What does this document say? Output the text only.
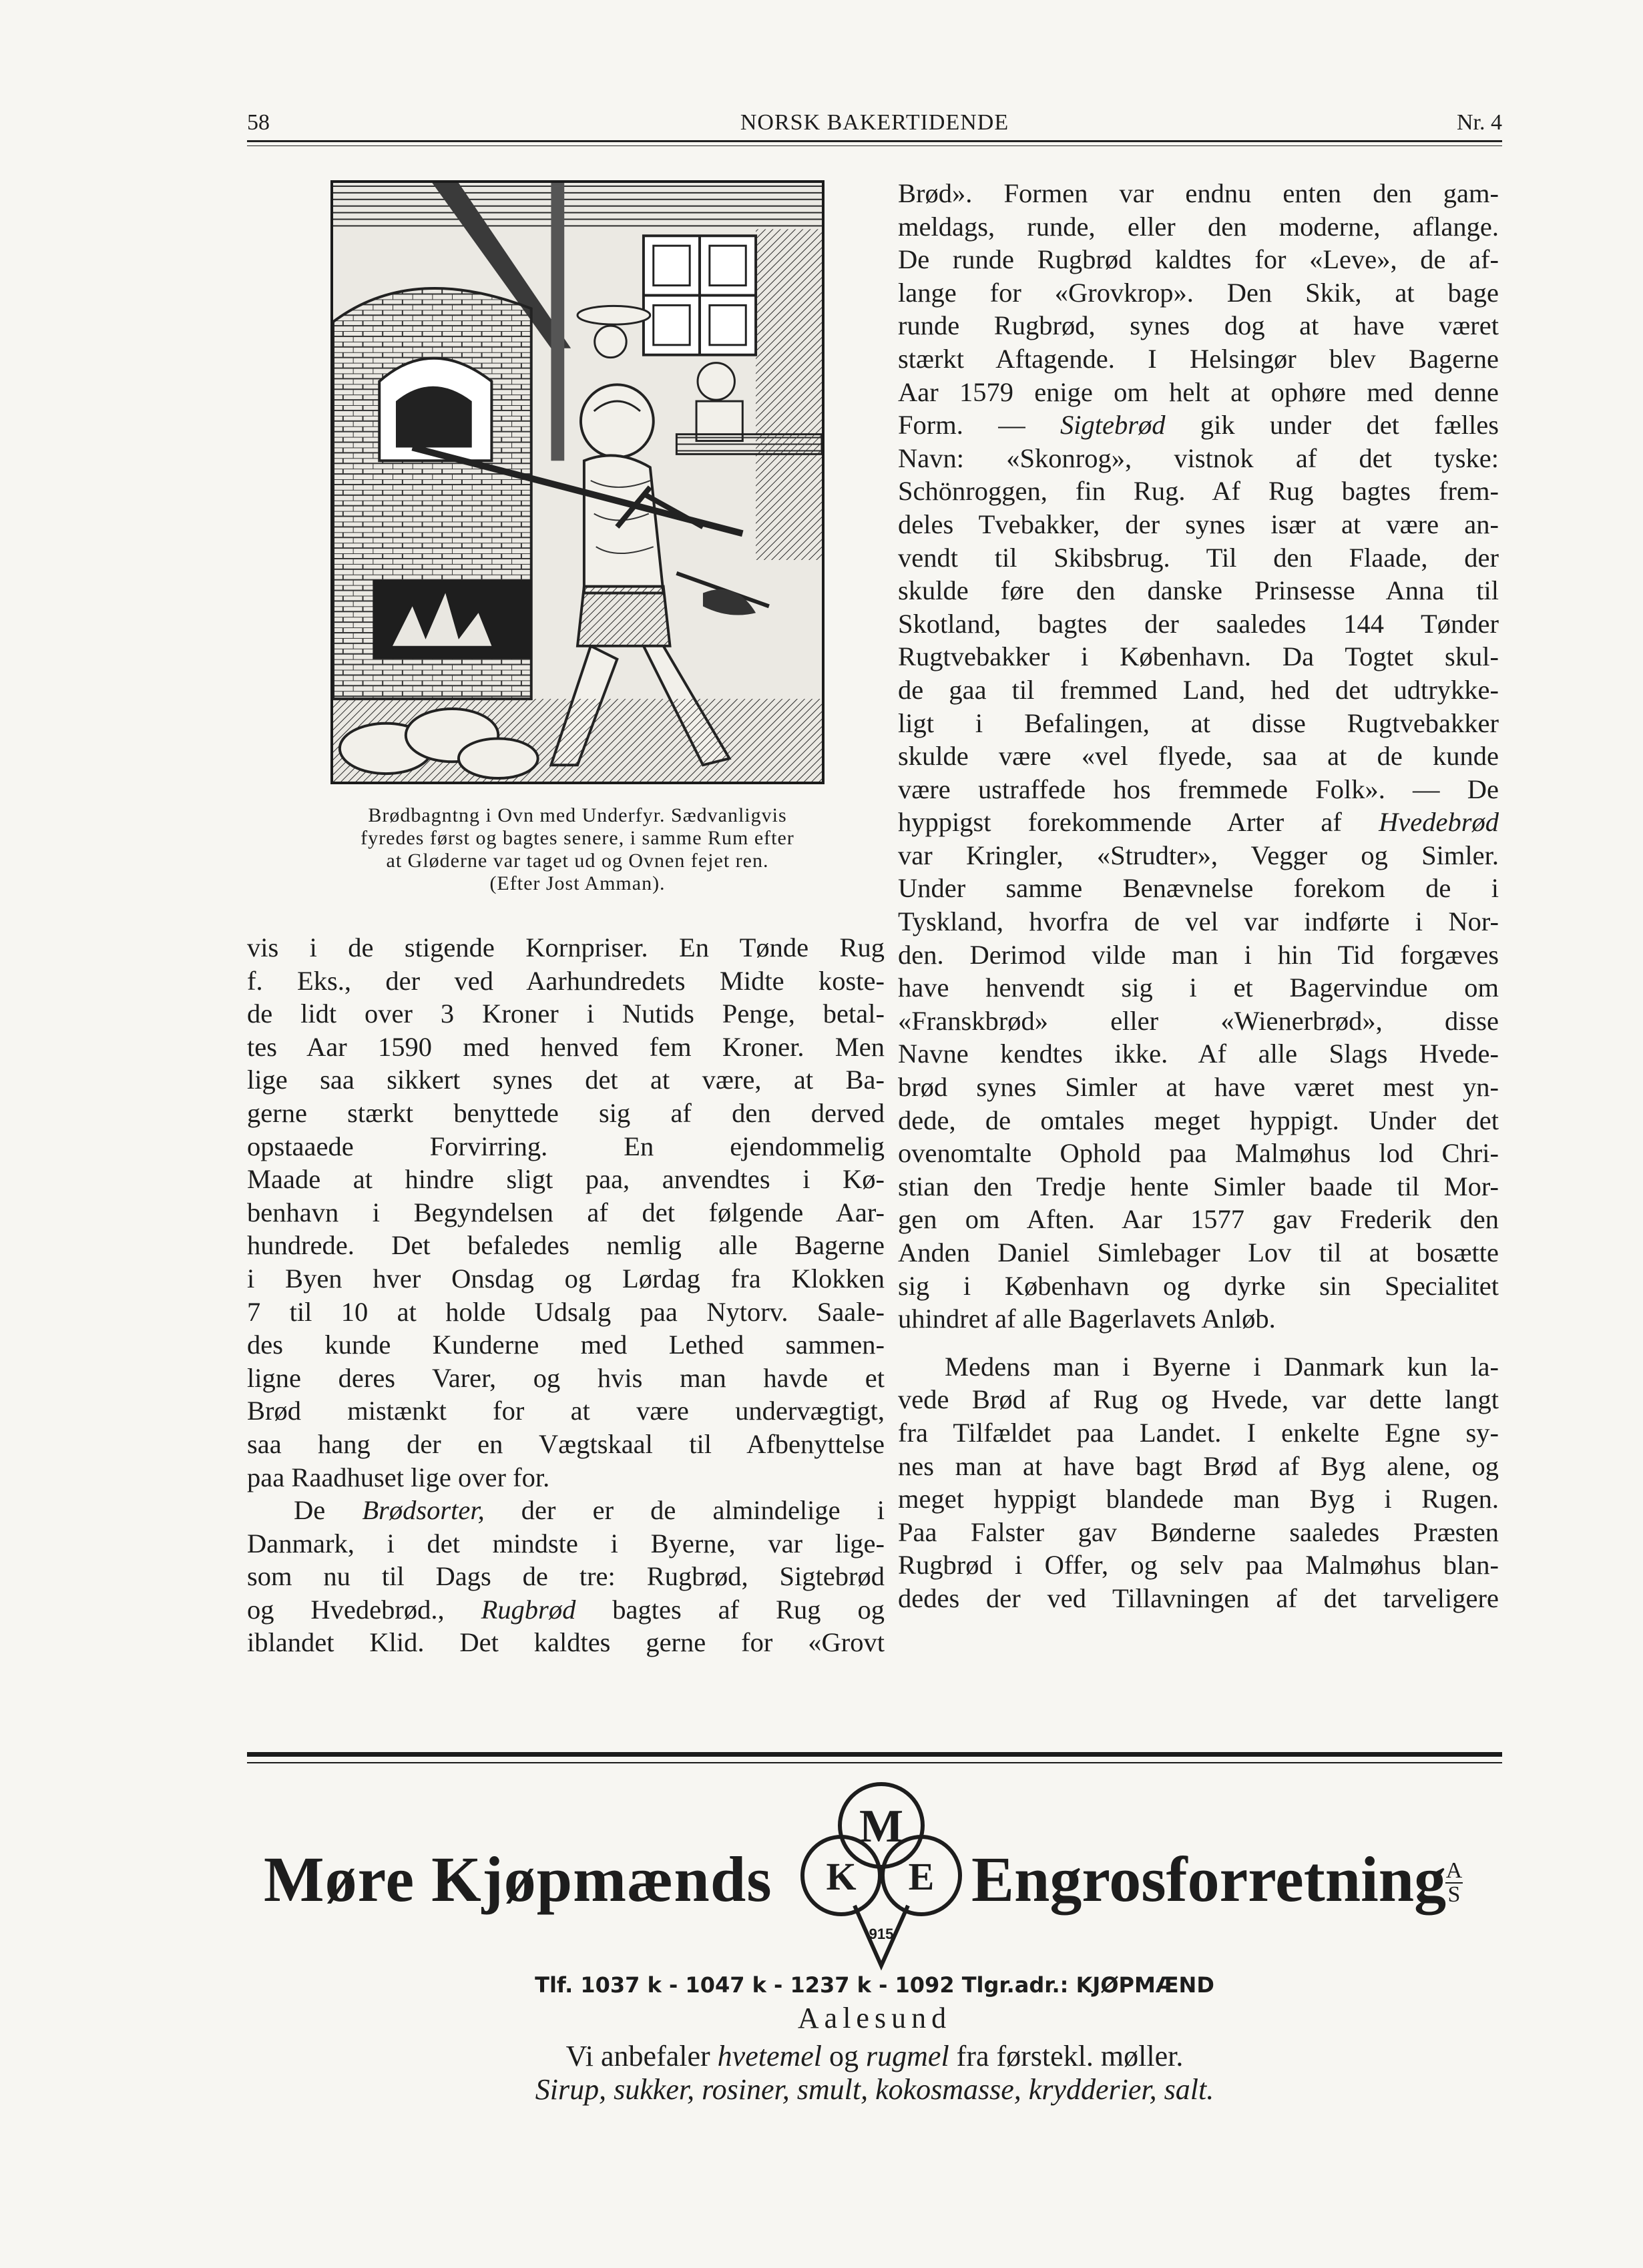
58	NORSK BAKERTIDENDE	Nr. 4
Brødbagntng i Ovn med Underfyr. Sædvanligvis
fyredes først og bagtes senere, i samme Rum efter
at Gløderne var taget ud og Ovnen fejet ren.
(Efter Jost Amman).
vis i de stigende Kornpriser. En Tønde Rug
f. Eks., der ved Aarhundredets Midte koste-
de lidt over 3 Kroner i Nutids Penge, betal-
tes Aar 1590 med henved fem Kroner. Men
lige saa sikkert synes det at være, at Ba-
gerne stærkt benyttede sig af den derved
opstaaede Forvirring. En ejendommelig
Maade at hindre sligt paa, anvendtes i Kø-
benhavn i Begyndelsen af det følgende Aar-
hundrede. Det befaledes nemlig alle Bagerne
i Byen hver Onsdag og Lørdag fra Klokken
7 til 10 at holde Udsalg paa Nytorv. Saale-
des kunde Kunderne med Lethed sammen-
ligne deres Varer, og hvis man havde et
Brød mistænkt for at være undervægtigt,
saa hang der en Vægtskaal til Afbenyttelse
paa Raadhuset lige over for.
De Brødsorter, der er de almindelige i
Danmark, i det mindste i Byerne, var lige-
som nu til Dags de tre: Rugbrød, Sigtebrød
og Hvedebrød., Rugbrød bagtes af Rug og
iblandet Klid. Det kaldtes gerne for «Grovt
Brød». Formen var endnu enten den gam-
meldags, runde, eller den moderne, aflange.
De runde Rugbrød kaldtes for «Leve», de af-
lange for «Grovkrop». Den Skik, at bage
runde Rugbrød, synes dog at have været
stærkt Aftagende. I Helsingør blev Bagerne
Aar 1579 enige om helt at ophøre med denne
Form. — Sigtebrød gik under det fælles
Navn: «Skonrog», vistnok af det tyske:
Schönroggen, fin Rug. Af Rug bagtes frem-
deles Tvebakker, der synes især at være an-
vendt til Skibsbrug. Til den Flaade, der
skulde føre den danske Prinsesse Anna til
Skotland, bagtes der saaledes 144 Tønder
Rugtvebakker i København. Da Togtet skul-
de gaa til fremmed Land, hed det udtrykke-
ligt i Befalingen, at disse Rugtvebakker
skulde være «vel flyede, saa at de kunde
være ustraffede hos fremmede Folk». — De
hyppigst forekommende Arter af Hvedebrød
var Kringler, «Strudter», Vegger og Simler.
Under samme Benævnelse forekom de i
Tyskland, hvorfra de vel var indførte i Nor-
den. Derimod vilde man i hin Tid forgæves
have henvendt sig i et Bagervindue om
«Franskbrød» eller «Wienerbrød», disse
Navne kendtes ikke. Af alle Slags Hvede-
brød synes Simler at have været mest yn-
dede, de omtales meget hyppigt. Under det
ovenomtalte Ophold paa Malmøhus lod Chri-
stian den Tredje hente Simler baade til Mor-
gen om Aften. Aar 1577 gav Frederik den
Anden Daniel Simlebager Lov til at bosætte
sig i København og dyrke sin Specialitet
uhindret af alle Bagerlavets Anløb.
Medens man i Byerne i Danmark kun la-
vede Brød af Rug og Hvede, var dette langt
fra Tilfældet paa Landet. I enkelte Egne sy-
nes man at have bagt Brød af Byg alene, og
meget hyppigt blandede man Byg i Rugen.
Paa Falster gav Bønderne saaledes Præsten
Rugbrød i Offer, og selv paa Malmøhus blan-
dedes der ved Tillavningen af det tarveligere
Møre Kjøpmænds
M
K E
915
Engrosforretning A
S
Tlf. 1037 k - 1047 k - 1237 k - 1092 Tlgr.adr.: KJØPMÆND
Aalesund
Vi anbefaler hvetemel og rugmel fra førstekl. møller.
Sirup, sukker, rosiner, smult, kokosmasse, krydderier, salt.
